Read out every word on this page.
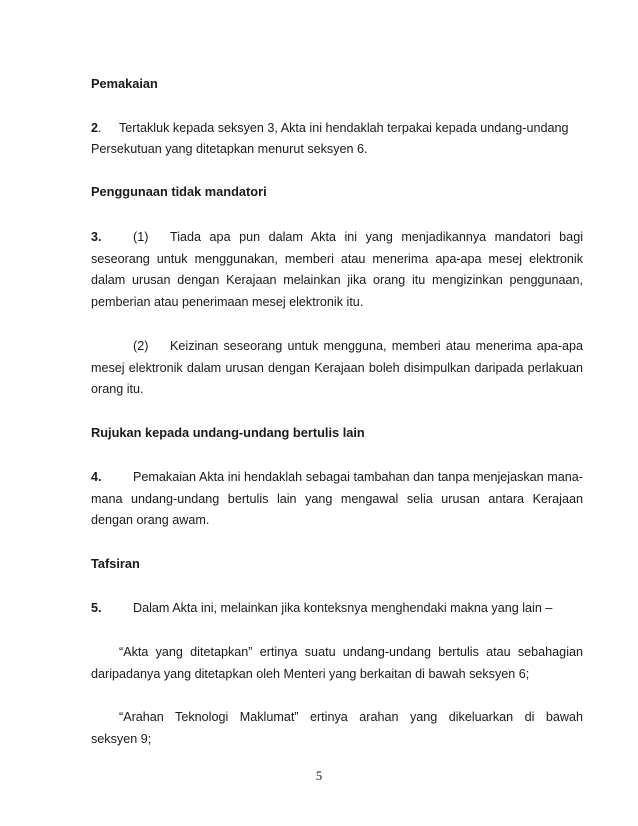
Pemakaian
2. Tertakluk kepada seksyen 3, Akta ini hendaklah terpakai kepada undang-undang
Persekutuan yang ditetapkan menurut seksyen 6.
Penggunaan tidak mandatori
3. (1) Tiada apa pun dalam Akta ini yang menjadikannya mandatori bagi
seseorang untuk menggunakan, memberi atau menerima apa-apa mesej elektronik
dalam urusan dengan Kerajaan melainkan jika orang itu mengizinkan penggunaan,
pemberian atau penerimaan mesej elektronik itu.
(2) Keizinan seseorang untuk mengguna, memberi atau menerima apa-apa
mesej elektronik dalam urusan dengan Kerajaan boleh disimpulkan daripada perlakuan
orang itu.
Rujukan kepada undang-undang bertulis lain
4. Pemakaian Akta ini hendaklah sebagai tambahan dan tanpa menjejaskan mana-
mana undang-undang bertulis lain yang mengawal selia urusan antara Kerajaan
dengan orang awam.
Tafsiran
5. Dalam Akta ini, melainkan jika konteksnya menghendaki makna yang lain –
“Akta yang ditetapkan” ertinya suatu undang-undang bertulis atau sebahagian
daripadanya yang ditetapkan oleh Menteri yang berkaitan di bawah seksyen 6;
“Arahan Teknologi Maklumat” ertinya arahan yang dikeluarkan di bawah
seksyen 9;
5
